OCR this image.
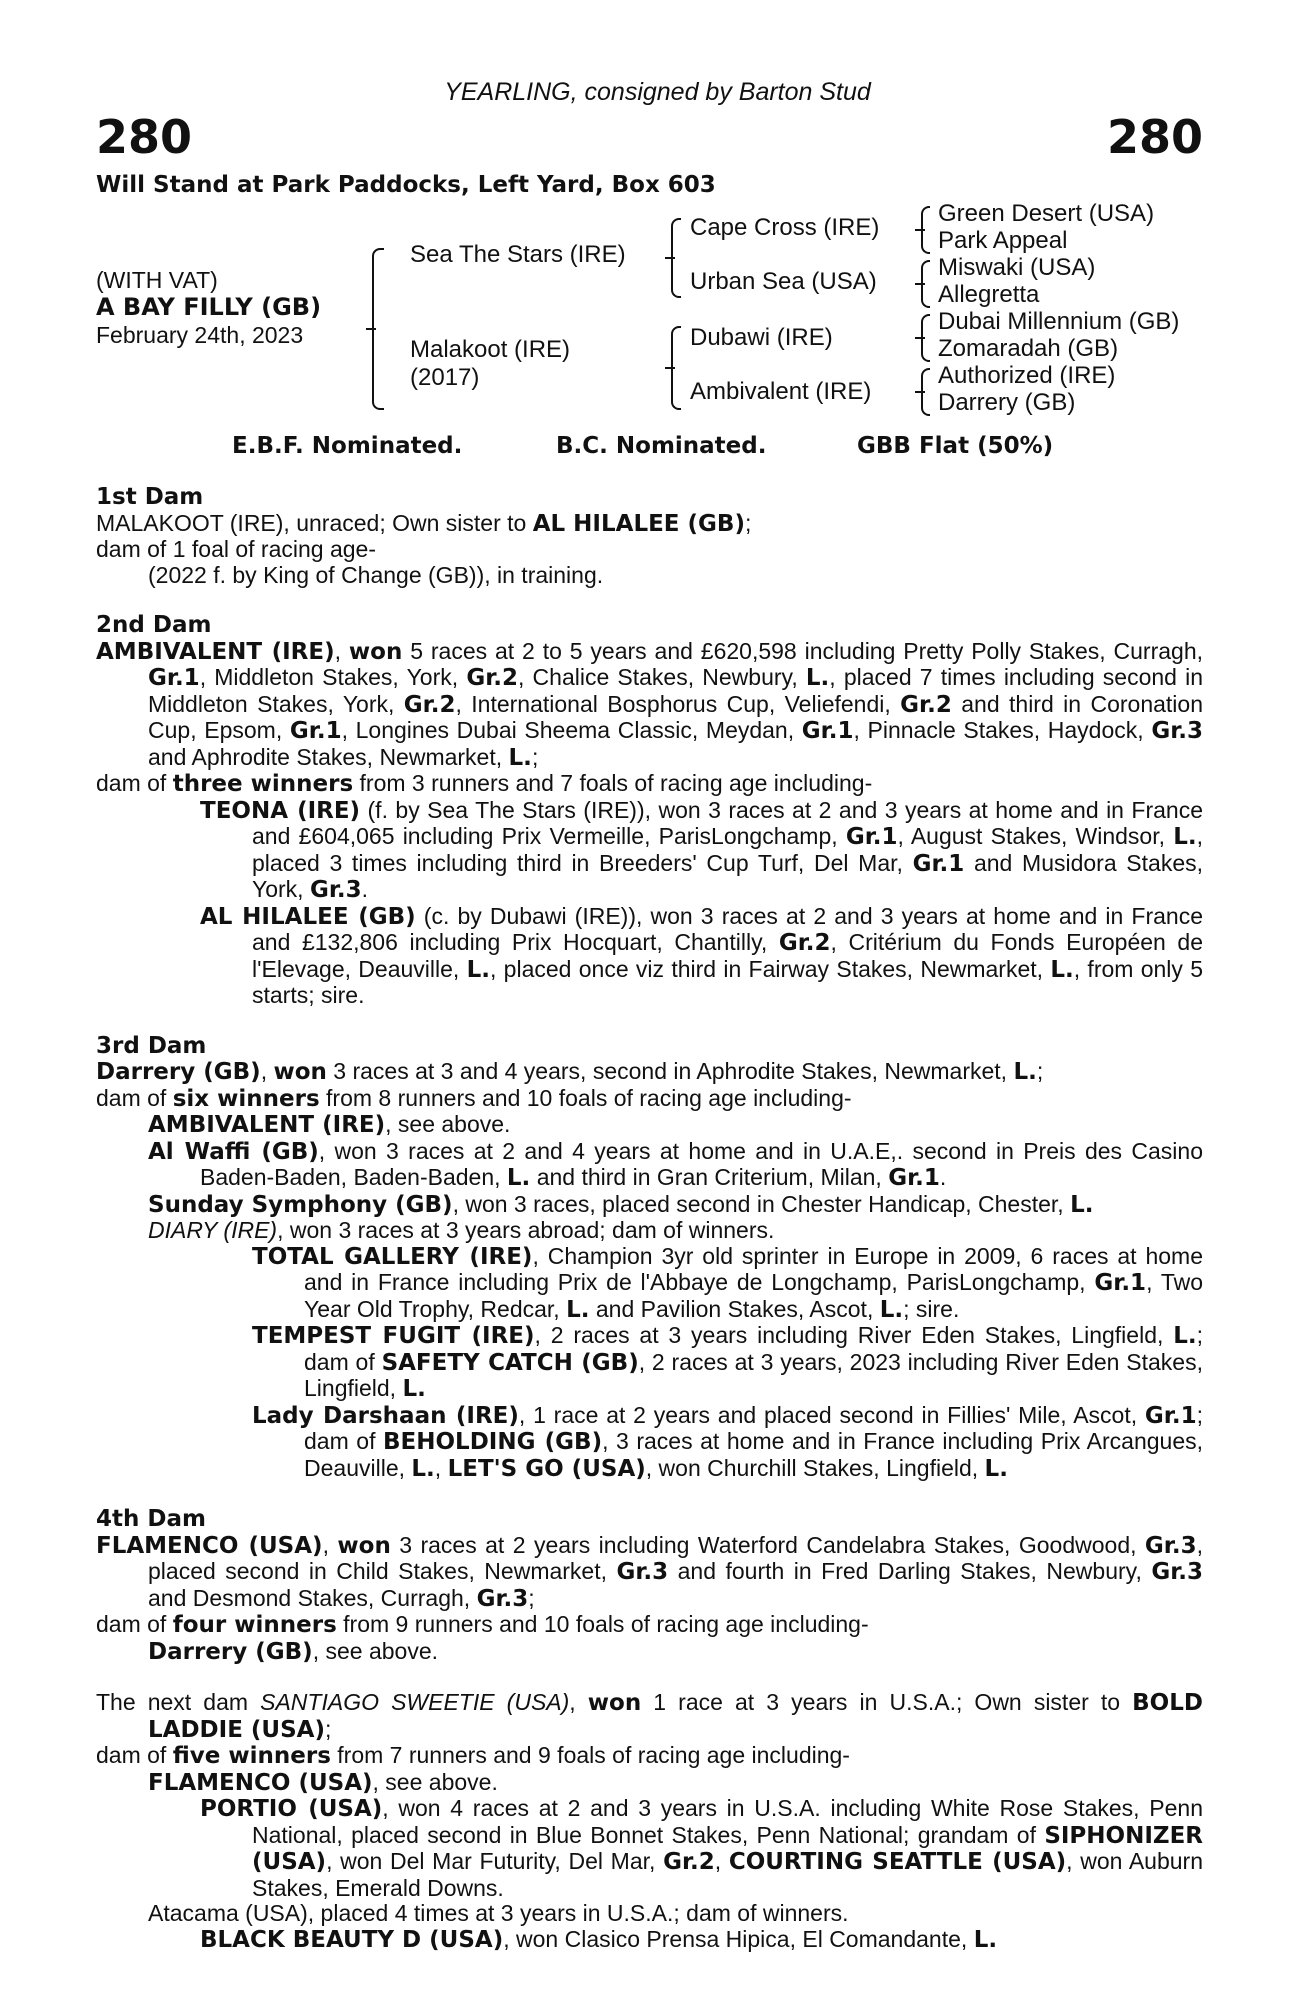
YEARLING, consigned by Barton Stud
280	280
Will Stand at Park Paddocks, Left Yard, Box 603
(WITH VAT)
A BAY FILLY (GB)
February 24th, 2023
Sea The Stars (IRE)
Malakoot (IRE)
(2017)
Cape Cross (IRE)
Urban Sea (USA)
Dubawi (IRE)
Ambivalent (IRE)
Green Desert (USA)
Park Appeal
Miswaki (USA)
Allegretta
Dubai Millennium (GB)
Zomaradah (GB)
Authorized (IRE)
Darrery (GB)
E.B.F. Nominated.	B.C. Nominated.	GBB Flat (50%)
1st Dam

MALAKOOT (IRE), unraced; Own sister to AL HILALEE (GB);

dam of 1 foal of racing age-

(2022 f. by King of Change (GB)), in training.

2nd Dam

AMBIVALENT (IRE), won 5 races at 2 to 5 years and £620,598 including Pretty Polly Stakes, Curragh, Gr.1, Middleton Stakes, York, Gr.2, Chalice Stakes, Newbury, L., placed 7 times including second in Middleton Stakes, York, Gr.2, International Bosphorus Cup, Veliefendi, Gr.2 and third in Coronation Cup, Epsom, Gr.1, Longines Dubai Sheema Classic, Meydan, Gr.1, Pinnacle Stakes, Haydock, Gr.3 and Aphrodite Stakes, Newmarket, L.;

dam of three winners from 3 runners and 7 foals of racing age including-

TEONA (IRE) (f. by Sea The Stars (IRE)), won 3 races at 2 and 3 years at home and in France and £604,065 including Prix Vermeille, ParisLongchamp, Gr.1, August Stakes, Windsor, L., placed 3 times including third in Breeders' Cup Turf, Del Mar, Gr.1 and Musidora Stakes, York, Gr.3.

AL HILALEE (GB) (c. by Dubawi (IRE)), won 3 races at 2 and 3 years at home and in France and £132,806 including Prix Hocquart, Chantilly, Gr.2, Critérium du Fonds Européen de l'Elevage, Deauville, L., placed once viz third in Fairway Stakes, Newmarket, L., from only 5 starts; sire.

3rd Dam

Darrery (GB), won 3 races at 3 and 4 years, second in Aphrodite Stakes, Newmarket, L.;

dam of six winners from 8 runners and 10 foals of racing age including-

AMBIVALENT (IRE), see above.

Al Waffi (GB), won 3 races at 2 and 4 years at home and in U.A.E,. second in Preis des Casino Baden-Baden, Baden-Baden, L. and third in Gran Criterium, Milan, Gr.1.

Sunday Symphony (GB), won 3 races, placed second in Chester Handicap, Chester, L.

DIARY (IRE), won 3 races at 3 years abroad; dam of winners.

TOTAL GALLERY (IRE), Champion 3yr old sprinter in Europe in 2009, 6 races at home and in France including Prix de l'Abbaye de Longchamp, ParisLongchamp, Gr.1, Two Year Old Trophy, Redcar, L. and Pavilion Stakes, Ascot, L.; sire.

TEMPEST FUGIT (IRE), 2 races at 3 years including River Eden Stakes, Lingfield, L.; dam of SAFETY CATCH (GB), 2 races at 3 years, 2023 including River Eden Stakes, Lingfield, L.

Lady Darshaan (IRE), 1 race at 2 years and placed second in Fillies' Mile, Ascot, Gr.1; dam of BEHOLDING (GB), 3 races at home and in France including Prix Arcangues, Deauville, L., LET'S GO (USA), won Churchill Stakes, Lingfield, L.

4th Dam

FLAMENCO (USA), won 3 races at 2 years including Waterford Candelabra Stakes, Goodwood, Gr.3, placed second in Child Stakes, Newmarket, Gr.3 and fourth in Fred Darling Stakes, Newbury, Gr.3 and Desmond Stakes, Curragh, Gr.3;

dam of four winners from 9 runners and 10 foals of racing age including-

Darrery (GB), see above.

The next dam SANTIAGO SWEETIE (USA), won 1 race at 3 years in U.S.A.; Own sister to BOLD LADDIE (USA);

dam of five winners from 7 runners and 9 foals of racing age including-

FLAMENCO (USA), see above.

PORTIO (USA), won 4 races at 2 and 3 years in U.S.A. including White Rose Stakes, Penn National, placed second in Blue Bonnet Stakes, Penn National; grandam of SIPHONIZER (USA), won Del Mar Futurity, Del Mar, Gr.2, COURTING SEATTLE (USA), won Auburn Stakes, Emerald Downs.

Atacama (USA), placed 4 times at 3 years in U.S.A.; dam of winners.

BLACK BEAUTY D (USA), won Clasico Prensa Hipica, El Comandante, L.
